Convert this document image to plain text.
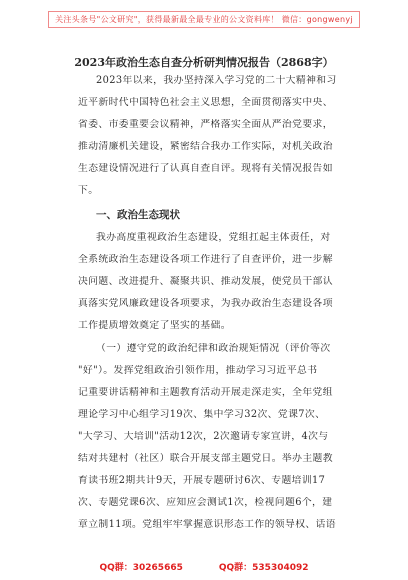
关注头条号"公文研究"，获得最新最全最专业的公文资料库！ 微信：gongwenyj
2023年政治生态自查分析研判情况报告（2868字）
2023年以来，我办坚持深入学习党的二十大精神和习
近平新时代中国特色社会主义思想，全面贯彻落实中央、
省委、市委重要会议精神，严格落实全面从严治党要求，
推动清廉机关建设，紧密结合我办工作实际，对机关政治
生态建设情况进行了认真自查自评。现将有关情况报告如
下。
一、政治生态现状
我办高度重视政治生态建设，党组扛起主体责任，对
全系统政治生态建设各项工作进行了自查评价，进一步解
决问题、改进提升、凝聚共识、推动发展，使党员干部认
真落实党风廉政建设各项要求，为我办政治生态建设各项
工作提质增效奠定了坚实的基础。
（一）遵守党的政治纪律和政治规矩情况（评价等次
"好"）。发挥党组政治引领作用，推动学习习近平总书
记重要讲话精神和主题教育活动开展走深走实，全年党组
理论学习中心组学习19次、集中学习32次、党课7次、
"大学习、大培训"活动12次，2次邀请专家宣讲，4次与
结对共建村（社区）联合开展支部主题党日。举办主题教
育读书班2期共计9天，开展专题研讨6次、专题培训17
次、专题党课6次、应知应会测试1次，检视问题6个，建
章立制11项。党组牢牢掌握意识形态工作的领导权、话语
QQ群：30265665	QQ群：535304092
